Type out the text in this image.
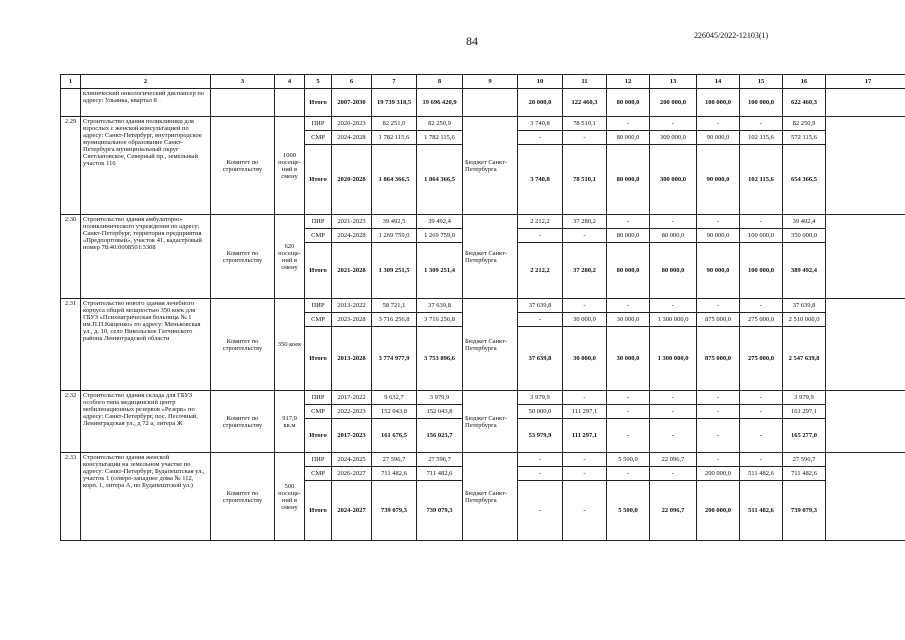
84	226045/2022-12103(1)
1	2	3	4	5	6	7	8	9	10	11	12	13	14	15	16	17
	клинический онкологический диспансер по адресу: Ульянка, квартал 8			Итого	2007-2030	19 739 318,5	19 696 420,9		20 000,0	122 460,3	80 000,0	200 000,0	100 000,0	100 000,0	622 460,3	
2.29	Строительство здания поликлиники для взрослых с женской консультацией по адресу: Санкт-Петербург, внутригородское муниципальное образование Санкт-Петербурга муниципальный округ Светлановское, Северный пр., земельный участок 116	Комитет по строительству	1000 посеще-ний в смену	ПИР	2020-2023	82 251,0	82 250,9	Бюджет Санкт-Петербурга	3 740,8	78 510,1	-	-	-	-	82 250,9	
				СМР	2024-2028	1 782 115,6	1 782 115,6		-	-	80 000,0	300 000,0	90 000,0	102 115,6	572 115,6	
				Итого	2020-2028	1 864 366,5	1 864 366,5		3 740,8	78 510,1	80 000,0	300 000,0	90 000,0	102 115,6	654 366,5	
2.30	Строительство здания амбулаторно-поликлинического учреждения по адресу: Санкт-Петербург, территория предприятия «Предпортовый», участок 41, кадастровый номер 78:40:0008501:3308	Комитет по строительству	620 посеще-ний в смену	ПИР	2021-2023	39 492,5	39 492,4	Бюджет Санкт-Петербурга	2 212,2	37 280,2	-	-	-	-	39 492,4	
				СМР	2024-2028	1 269 759,0	1 269 759,0		-	-	80 000,0	80 000,0	90 000,0	100 000,0	350 000,0	
				Итого	2021-2028	1 309 251,5	1 309 251,4		2 212,2	37 280,2	80 000,0	80 000,0	90 000,0	100 000,0	389 492,4	
2.31	Строительство нового здания лечебного корпуса общей мощностью 350 коек для ГБУЗ «Психиатрическая больница № 1 им.П.П.Кащенко» по адресу: Меньковская ул., д. 10, село Никольское Гатчинского района Ленинградской области	Комитет по строительству	350 коек	ПИР	2013-2022	58 721,1	37 639,8	Бюджет Санкт-Петербурга	37 639,8	-	-	-	-	-	37 639,8	
				СМР	2023-2028	3 716 256,8	3 716 256,8		-	30 000,0	30 000,0	1 300 000,0	875 000,0	275 000,0	2 510 000,0	
				Итого	2013-2028	3 774 977,9	3 753 896,6		37 639,8	30 000,0	30 000,0	1 300 000,0	875 000,0	275 000,0	2 547 639,8	
2.32	Строительство здания склада для ГБУЗ особого типа медицинский центр мобилизационных резервов «Резерв» по адресу: Санкт-Петербург, пос. Песочный, Ленинградская ул., д 72 а, литера Ж	Комитет по строительству	917,9 кв.м	ПИР	2017-2022	9 632,7	3 979,9	Бюджет Санкт-Петербурга	3 979,9	-	-	-	-	-	3 979,9	
				СМР	2022-2023	152 043,8	152 043,8		50 000,0	111 297,1	-	-	-	-	161 297,1	
				Итого	2017-2023	161 676,5	156 023,7		53 979,9	111 297,1	-	-	-	-	165 277,0	
2.33	Строительство здания женской консультации на земельном участке по адресу: Санкт-Петербург, Будапештская ул., участок 1 (северо-западнее дома № 112, корп. 1, литера А, по Будапештской ул.)	Комитет по строительству	500 посеще-ний в смену	ПИР	2024-2025	27 596,7	27 596,7	Бюджет Санкт-Петербурга	-	-	5 500,0	22 096,7	-	-	27 596,7	
				СМР	2026-2027	711 482,6	711 482,6		-	-	-	-	200 000,0	511 482,6	711 482,6	
				Итого	2024-2027	739 079,3	739 079,3		-	-	5 500,0	22 096,7	200 000,0	511 482,6	739 079,3	
